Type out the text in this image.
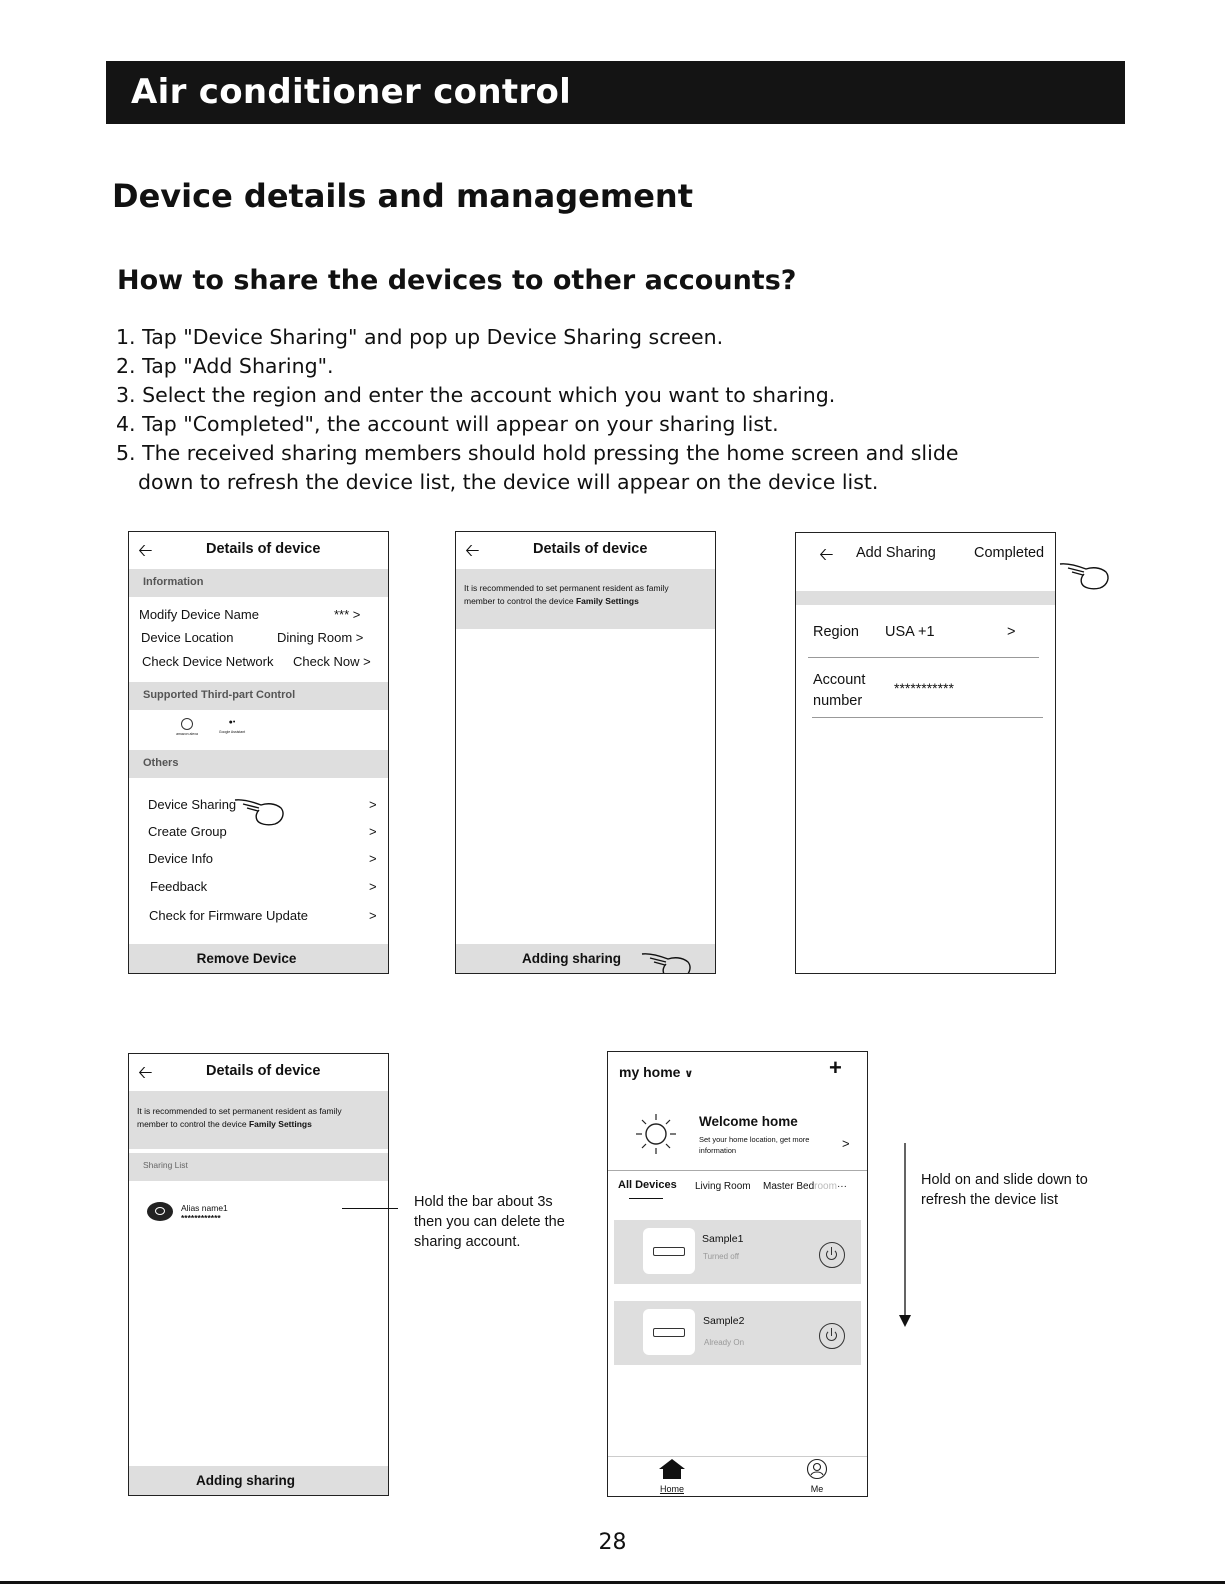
Air conditioner control
Device details and management
How to share the devices to other accounts?
1. Tap "Device Sharing" and pop up Device Sharing screen.
2. Tap "Add Sharing".
3. Select the region and enter the account which you want to sharing.
4. Tap "Completed", the account will appear on your sharing list.
5. The received sharing members should hold pressing the home screen and slide
down to refresh the device list, the device will appear on the device list.
🡠	Details of device
Information
Modify Device Name	*** >
Device Location	Dining Room >
Check Device Network Check Now >
Supported Third-part Control
amazon alexa
●•
Google Assistant
Others
Device Sharing	>
Create Group	>
Device Info	>
Feedback	>
Check for Firmware Update	>
Remove Device
🡠	Details of device
It is recommended to set permanent resident as family
member to control the device Family Settings
Adding sharing
🡠 Add Sharing	Completed
Region USA +1	>
Account
number
***********
🡠	Details of device
It is recommended to set permanent resident as family
member to control the device Family Settings
Sharing List
Alias name1
************
Adding sharing
Hold the bar about 3s
then you can delete the
sharing account.
my home ∨	+
Welcome home
Set your home location, get more
information	>
All Devices Living Room Master Bedroom···
Sample1
Turned off
Sample2
Already On
Home	Me
Hold on and slide down to
refresh the device list
28
